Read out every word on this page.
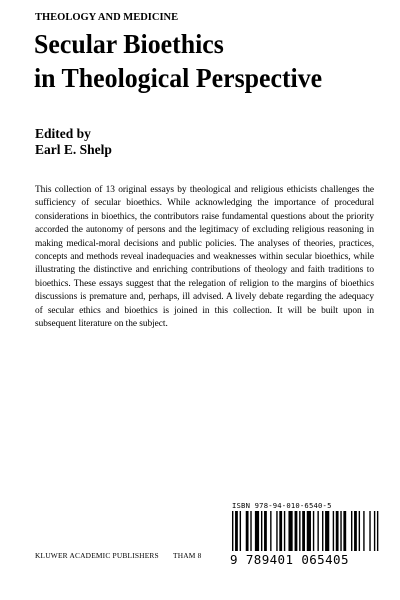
THEOLOGY AND MEDICINE
Secular Bioethics
in Theological Perspective
Edited by
Earl E. Shelp

This collection of 13 original essays by theological and religious ethicists challenges the sufficiency of secular bioethics. While acknowledging the importance of procedural considerations in bioethics, the contributors raise fundamental questions about the priority accorded the autonomy of persons and the legitimacy of excluding religious reasoning in making medical-moral decisions and public policies. The analyses of theories, practices, concepts and methods reveal inadequacies and weaknesses within secular bioethics, while illustrating the distinctive and enriching contributions of theology and faith traditions to bioethics. These essays suggest that the relegation of religion to the margins of bioethics discussions is premature and, perhaps, ill advised. A lively debate regarding the adequacy of secular ethics and bioethics is joined in this collection. It will be built upon in subsequent literature on the subject.

ISBN 978-94-010-6540-5
9 789401 065405
KLUWER ACADEMIC PUBLISHERS THAM 8
